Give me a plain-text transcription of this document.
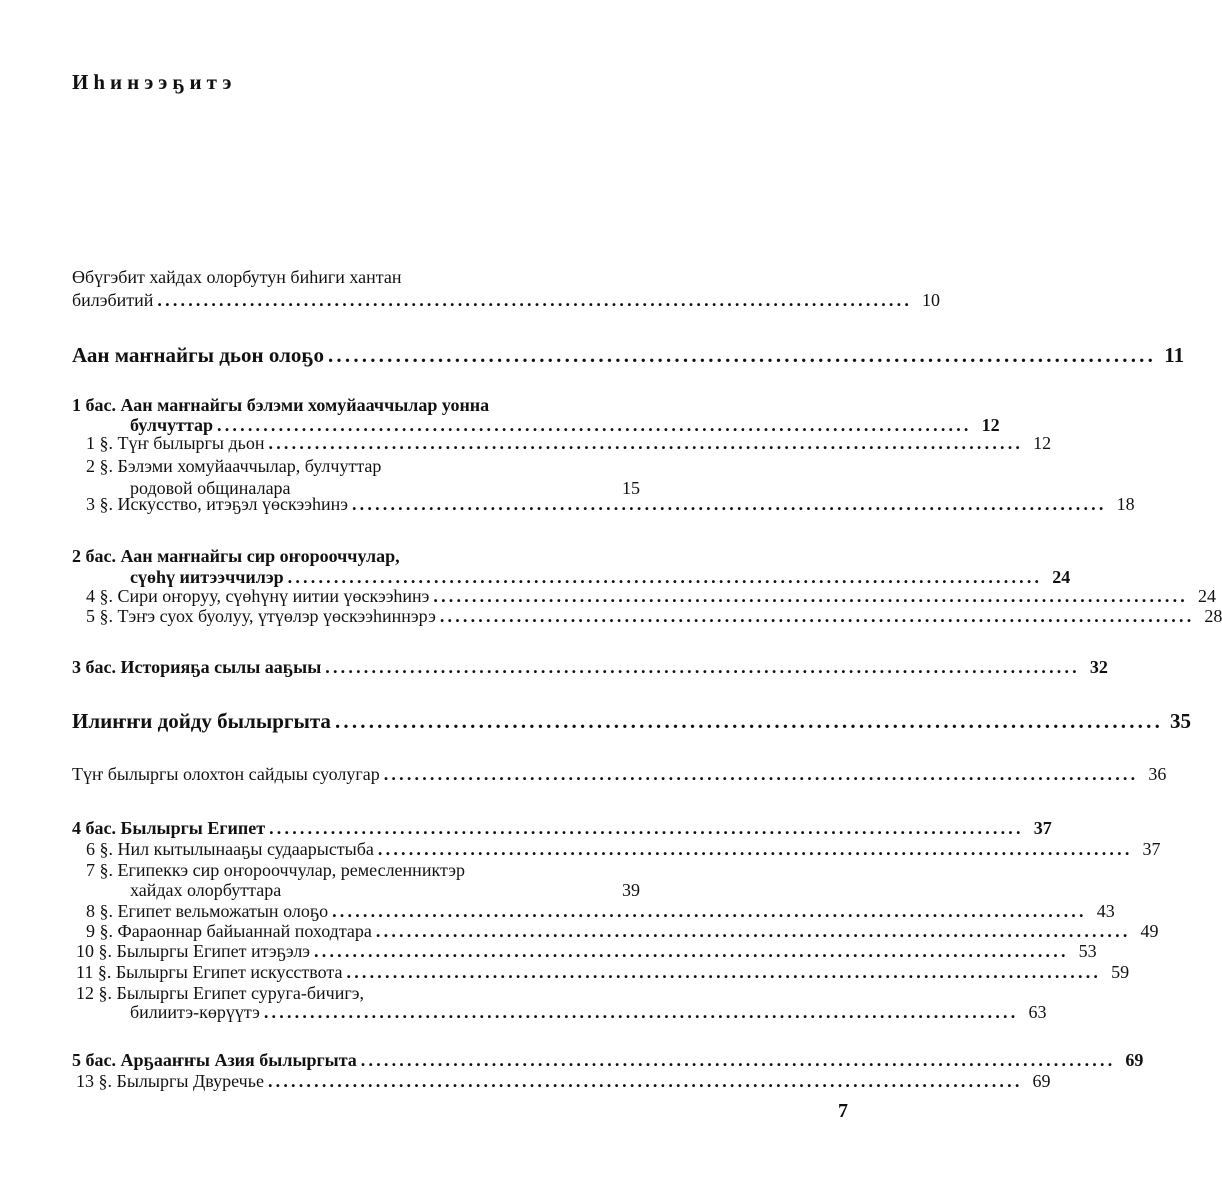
Иһинээҕитэ
Өбүгэбит хайдах олорбутун биһиги хантан
билэбитий .................................................................................................. 10
Аан маҥнайгы дьон олоҕо .................................................................................................. 11
1 бас. Аан маҥнайгы бэлэми хомуйааччылар уонна
булчуттар .................................................................................................. 12
1 §. Түҥ былыргы дьон .................................................................................................. 12
2 §. Бэлэми хомуйааччылар, булчуттар
родовой общиналара	15
3 §. Искусство, итэҕэл үөскээһинэ .................................................................................................. 18
2 бас. Аан маҥнайгы сир оҥорооччулар,
сүөһү иитээччилэр .................................................................................................. 24
4 §. Сири оҥоруу, сүөһүнү иитии үөскээһинэ .................................................................................................. 24
5 §. Тэҥэ суох буолуу, үтүөлэр үөскээһиннэрэ .................................................................................................. 28
3 бас. Историяҕа сылы ааҕыы .................................................................................................. 32
Илиҥҥи дойду былыргыта .................................................................................................. 35
Түҥ былыргы олохтон сайдыы суолугар .................................................................................................. 36
4 бас. Былыргы Египет .................................................................................................. 37
6 §. Нил кытылынааҕы судаарыстыба .................................................................................................. 37
7 §. Египеккэ сир оҥорооччулар, ремесленниктэр
хайдах олорбуттара	39
8 §. Египет вельможатын олоҕо .................................................................................................. 43
9 §. Фараоннар байыаннай походтара .................................................................................................. 49
10 §. Былыргы Египет итэҕэлэ .................................................................................................. 53
11 §. Былыргы Египет искусствота .................................................................................................. 59
12 §. Былыргы Египет суруга-бичигэ,
билиитэ-көрүүтэ .................................................................................................. 63
5 бас. Арҕааҥҥы Азия былыргыта .................................................................................................. 69
13 §. Былыргы Двуречье .................................................................................................. 69
7
